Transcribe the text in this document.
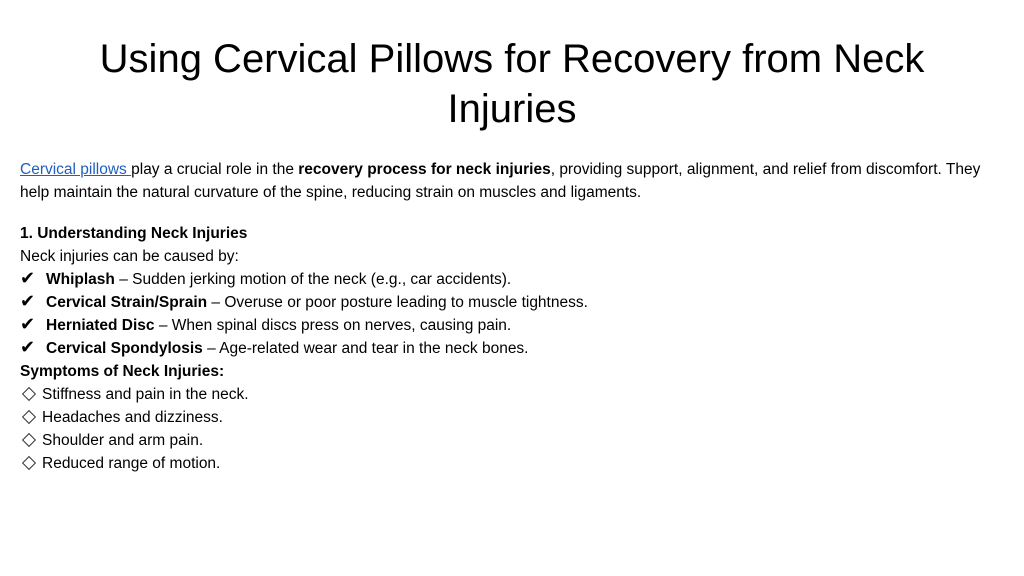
Using Cervical Pillows for Recovery from Neck Injuries

Cervical pillows play a crucial role in the recovery process for neck injuries, providing support, alignment, and relief from discomfort. They help maintain the natural curvature of the spine, reducing strain on muscles and ligaments.

1. Understanding Neck Injuries
Neck injuries can be caused by:
✔ Whiplash – Sudden jerking motion of the neck (e.g., car accidents).
✔ Cervical Strain/Sprain – Overuse or poor posture leading to muscle tightness.
✔ Herniated Disc – When spinal discs press on nerves, causing pain.
✔ Cervical Spondylosis – Age-related wear and tear in the neck bones.
Symptoms of Neck Injuries:
Stiffness and pain in the neck.
Headaches and dizziness.
Shoulder and arm pain.
Reduced range of motion.
